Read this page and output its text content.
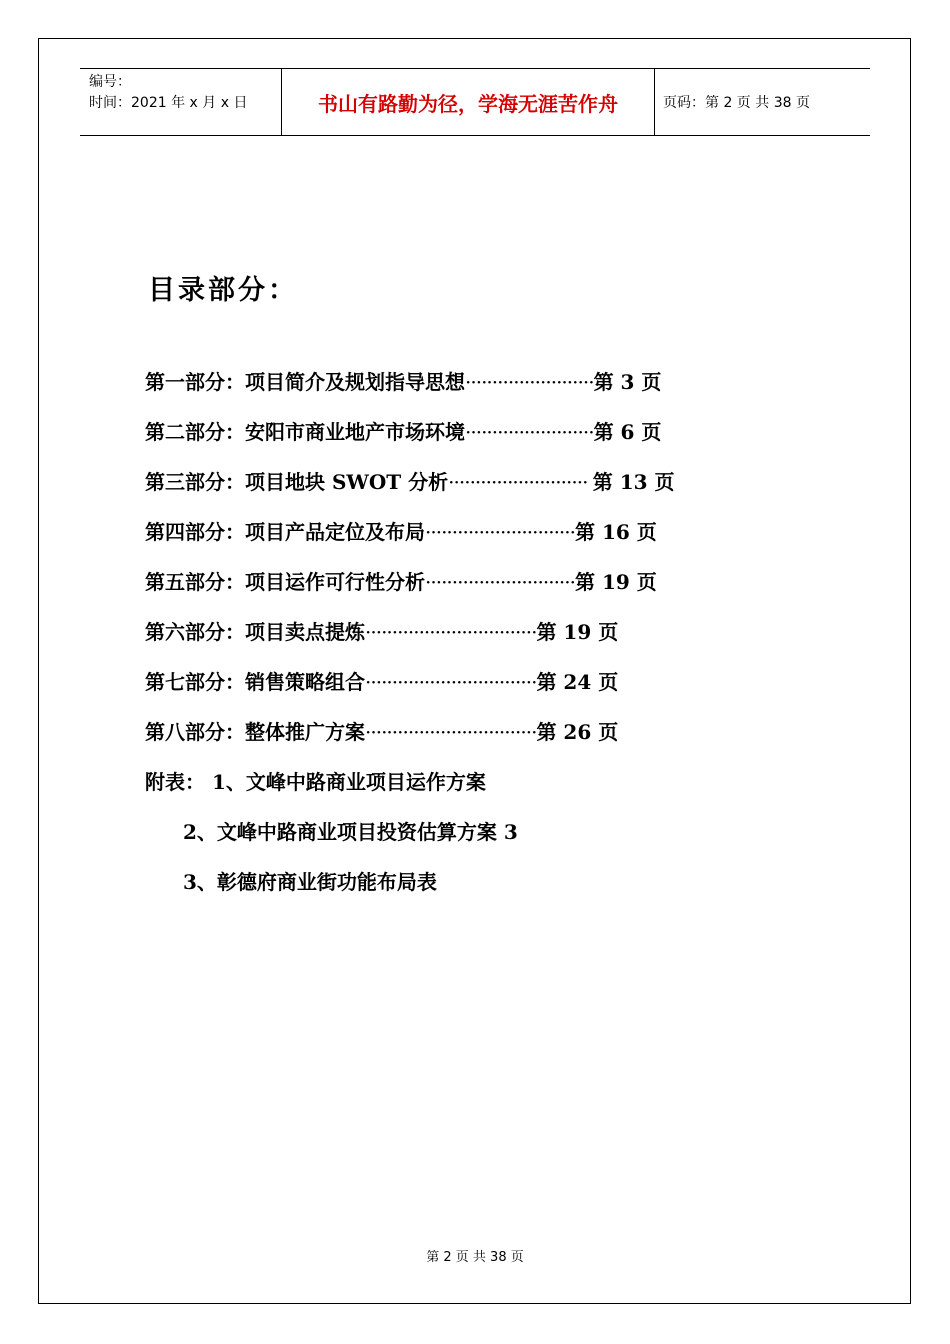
编号：
时间：2021 年 x 月 x 日	书山有路勤为径，学海无涯苦作舟	页码：第 2 页 共 38 页
目录部分：
第一部分：项目简介及规划指导思想························第 3 页
第二部分：安阳市商业地产市场环境························第 6 页
第三部分：项目地块 SWOT 分析·························· 第 13 页
第四部分：项目产品定位及布局····························第 16 页
第五部分：项目运作可行性分析····························第 19 页
第六部分：项目卖点提炼································第 19 页
第七部分：销售策略组合································第 24 页
第八部分：整体推广方案································第 26 页
附表： 1、文峰中路商业项目运作方案
2、文峰中路商业项目投资估算方案 3
3、彰德府商业街功能布局表
第 2 页 共 38 页
